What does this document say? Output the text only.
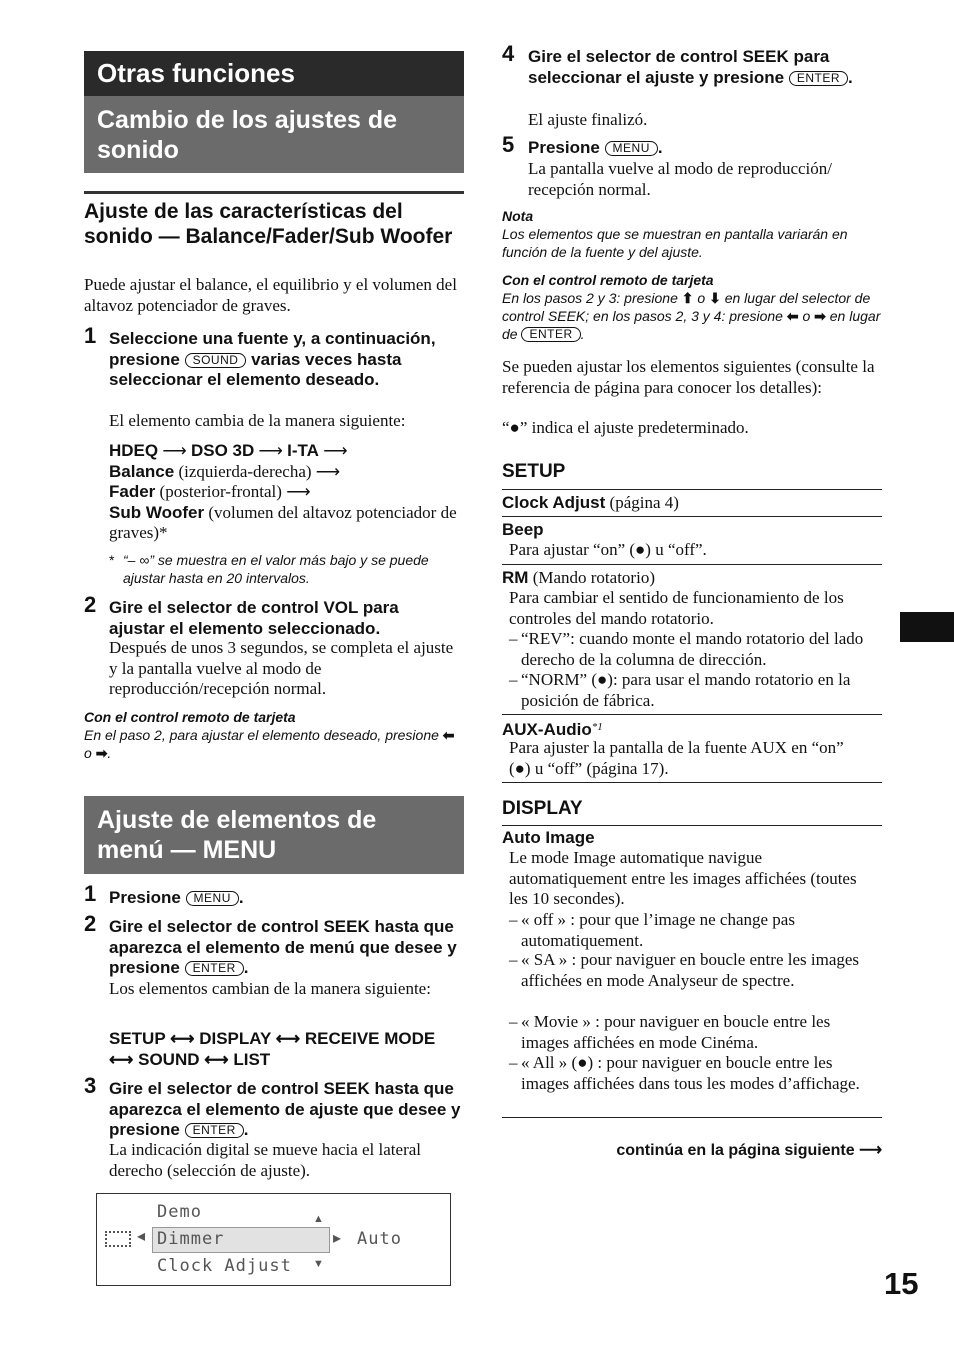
Otras funciones
Cambio de los ajustes de sonido
Ajuste de las características del sonido — Balance/Fader/Sub Woofer
Puede ajustar el balance, el equilibrio y el volumen del altavoz potenciador de graves.
1 Seleccione una fuente y, a continuación, presione SOUND varias veces hasta seleccionar el elemento deseado.
El elemento cambia de la manera siguiente:
HDEQ ⟶ DSO 3D ⟶ I-TA ⟶
Balance (izquierda-derecha) ⟶
Fader (posterior-frontal) ⟶
Sub Woofer (volumen del altavoz potenciador de graves)*
* “– ∞” se muestra en el valor más bajo y se puede ajustar hasta en 20 intervalos.
2 Gire el selector de control VOL para ajustar el elemento seleccionado.
Después de unos 3 segundos, se completa el ajuste y la pantalla vuelve al modo de reproducción/recepción normal.
Con el control remoto de tarjeta
En el paso 2, para ajustar el elemento deseado, presione ⬅ o ➡.
Ajuste de elementos de menú — MENU
1 Presione MENU .
2 Gire el selector de control SEEK hasta que aparezca el elemento de menú que desee y presione ENTER .
Los elementos cambian de la manera siguiente:
SETUP ⟷ DISPLAY ⟷ RECEIVE MODE ⟷ SOUND ⟷ LIST
3 Gire el selector de control SEEK hasta que aparezca el elemento de ajuste que desee y presione ENTER .
La indicación digital se mueve hacia el lateral derecho (selección de ajuste).
◂
Demo
Dimmer
Clock Adjust
▲
▼
▸ Auto
4 Gire el selector de control SEEK para seleccionar el ajuste y presione ENTER .
El ajuste finalizó.
5 Presione MENU .
La pantalla vuelve al modo de reproducción/ recepción normal.
Nota
Los elementos que se muestran en pantalla variarán en función de la fuente y del ajuste.
Con el control remoto de tarjeta
En los pasos 2 y 3: presione ⬆ o ⬇ en lugar del selector de control SEEK; en los pasos 2, 3 y 4: presione ⬅ o ➡ en lugar de ENTER .
Se pueden ajustar los elementos siguientes (consulte la referencia de página para conocer los detalles):
“●” indica el ajuste predeterminado.
SETUP
Clock Adjust (página 4)
Beep
Para ajustar “on” (●) u “off”.
RM (Mando rotatorio)
Para cambiar el sentido de funcionamiento de los controles del mando rotatorio.
– “REV”: cuando monte el mando rotatorio del lado derecho de la columna de dirección.
– “NORM” (●): para usar el mando rotatorio en la posición de fábrica.
AUX-Audio$^{*1}$
Para ajuster la pantalla de la fuente AUX en “on” (●) u “off” (página 17).
DISPLAY
Auto Image
Le mode Image automatique navigue automatiquement entre les images affichées (toutes les 10 secondes).
– « off » : pour que l’image ne change pas automatiquement.
– « SA » : pour naviguer en boucle entre les images affichées en mode Analyseur de spectre.
– « Movie » : pour naviguer en boucle entre les images affichées en mode Cinéma.
– « All » (●) : pour naviguer en boucle entre les images affichées dans tous les modes d’affichage.
continúa en la página siguiente ⟶
15
